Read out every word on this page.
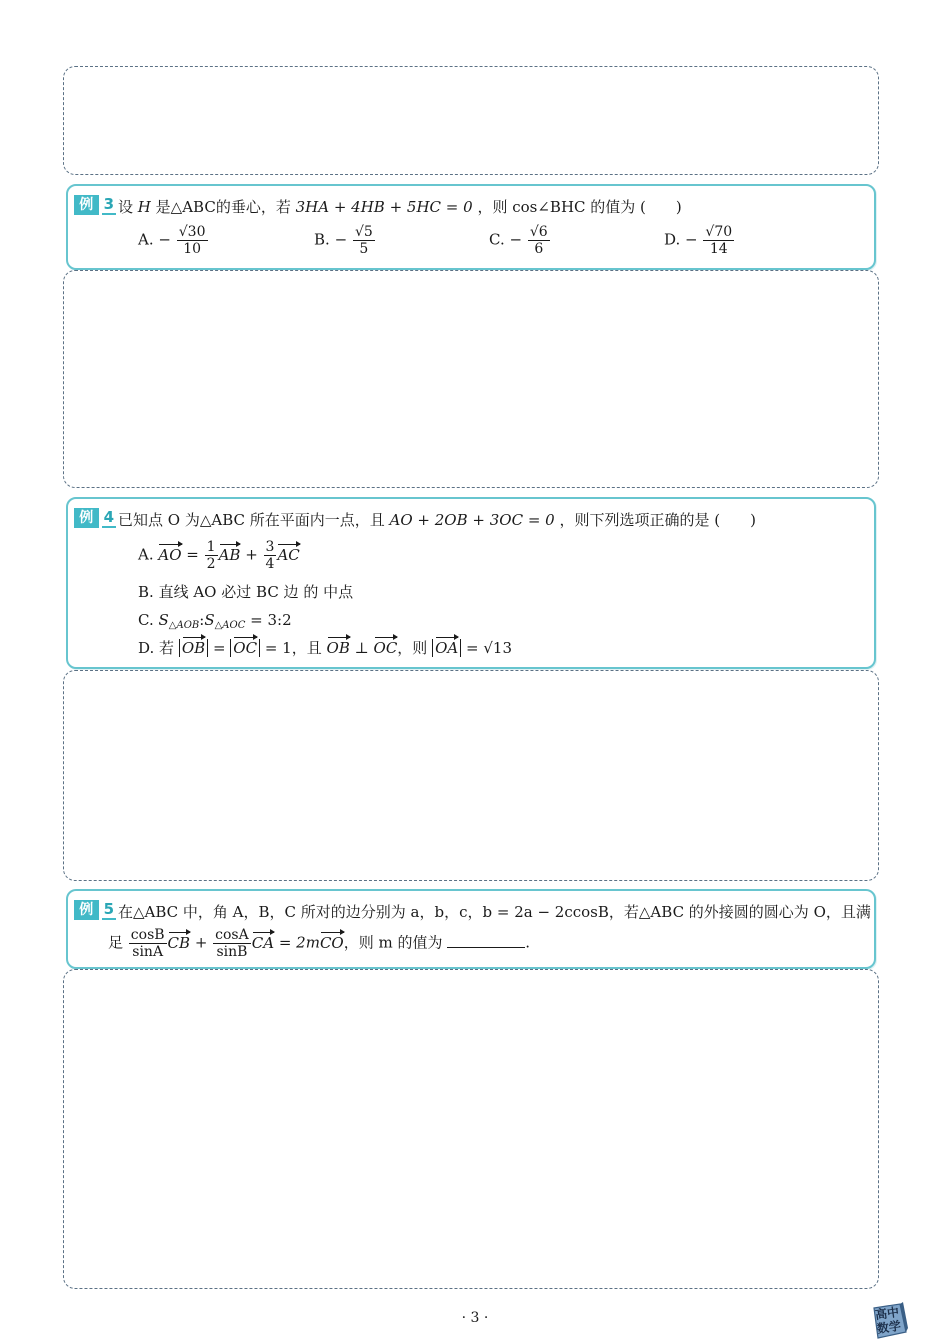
例 3 设 H 是△ABC的垂心，若 3HA + 4HB + 5HC = 0 ，则 cos∠BHC 的值为 (　　)
A. − $\frac{√30}{10}$	B. − $\frac{√5}{5}$	C. − $\frac{√6}{6}$	D. − $\frac{√70}{14}$
例 4 已知点 O 为△ABC 所在平面内一点，且 AO + 2OB + 3OC = 0 ，则下列选项正确的是 (　　)
A. AO = $\frac{1}{2}$ AB + $\frac{3}{4}$ AC
B. 直线 AO 必过 BC 边 的 中点
C. $S_{\triangle AOB}:S_{\triangle AOC}$ = 3:2
D. 若 OB = OC = 1，且 OB ⊥ OC，则 OA = √13
例 5 在△ABC 中，角 A，B，C 所对的边分别为 a，b，c，b = 2a − 2ccosB，若△ABC 的外接圆的圆心为 O，且满
足 $\frac{\cos B}{\sin A}$ CB + $\frac{\cos A}{\sin B}$ CA = 2mCO，则 m 的值为	.
· 3 ·	高中
数学
